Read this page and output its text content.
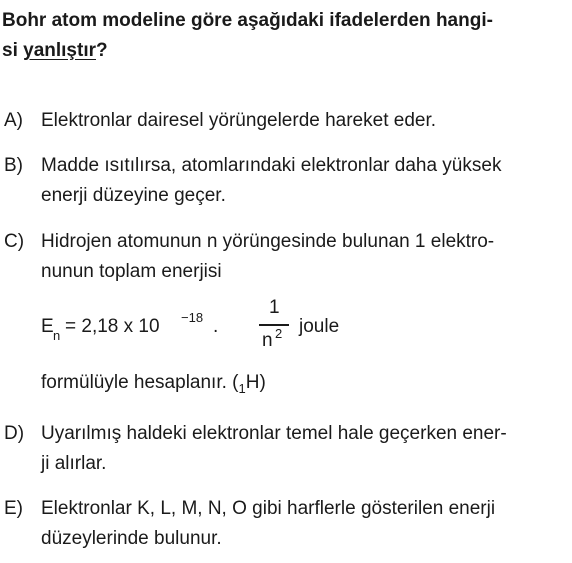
Bohr atom modeline göre aşağıdaki ifadelerden hangi-
si yanlıştır?
A) Elektronlar dairesel yörüngelerde hareket eder.
B) Madde ısıtılırsa, atomlarındaki elektronlar daha yüksek
enerji düzeyine geçer.
C) Hidrojen atomunun n yörüngesinde bulunan 1 elektro-
nunun toplam enerjisi
E n = 2,18 x 10 −18 .
1
n 2 joule
formülüyle hesaplanır. $(_1H)$
D) Uyarılmış haldeki elektronlar temel hale geçerken ener-
ji alırlar.
E) Elektronlar K, L, M, N, O gibi harflerle gösterilen enerji
düzeylerinde bulunur.
